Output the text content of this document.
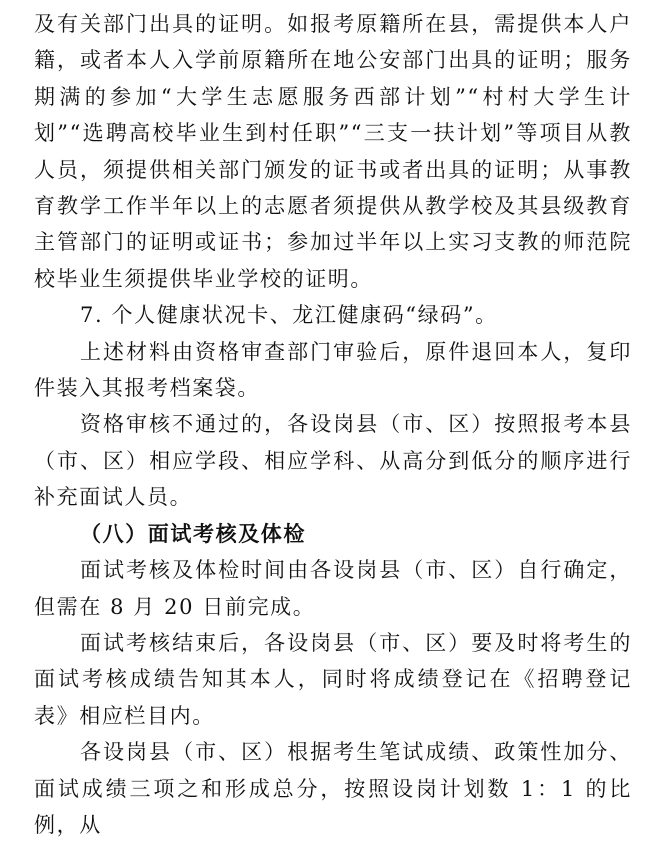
及有关部门出具的证明。如报考原籍所在县，需提供本人户籍，或者本人入学前原籍所在地公安部门出具的证明；服务期满的参加“大学生志愿服务西部计划”“村村大学生计划”“选聘高校毕业生到村任职”“三支一扶计划”等项目从教人员，须提供相关部门颁发的证书或者出具的证明；从事教育教学工作半年以上的志愿者须提供从教学校及其县级教育主管部门的证明或证书；参加过半年以上实习支教的师范院校毕业生须提供毕业学校的证明。

7. 个人健康状况卡、龙江健康码“绿码”。

上述材料由资格审查部门审验后，原件退回本人，复印件装入其报考档案袋。

资格审核不通过的，各设岗县（市、区）按照报考本县（市、区）相应学段、相应学科、从高分到低分的顺序进行补充面试人员。

（八）面试考核及体检

面试考核及体检时间由各设岗县（市、区）自行确定，但需在 8 月 20 日前完成。

面试考核结束后，各设岗县（市、区）要及时将考生的面试考核成绩告知其本人，同时将成绩登记在《招聘登记表》相应栏目内。

各设岗县（市、区）根据考生笔试成绩、政策性加分、面试成绩三项之和形成总分，按照设岗计划数 1：1 的比例，从
